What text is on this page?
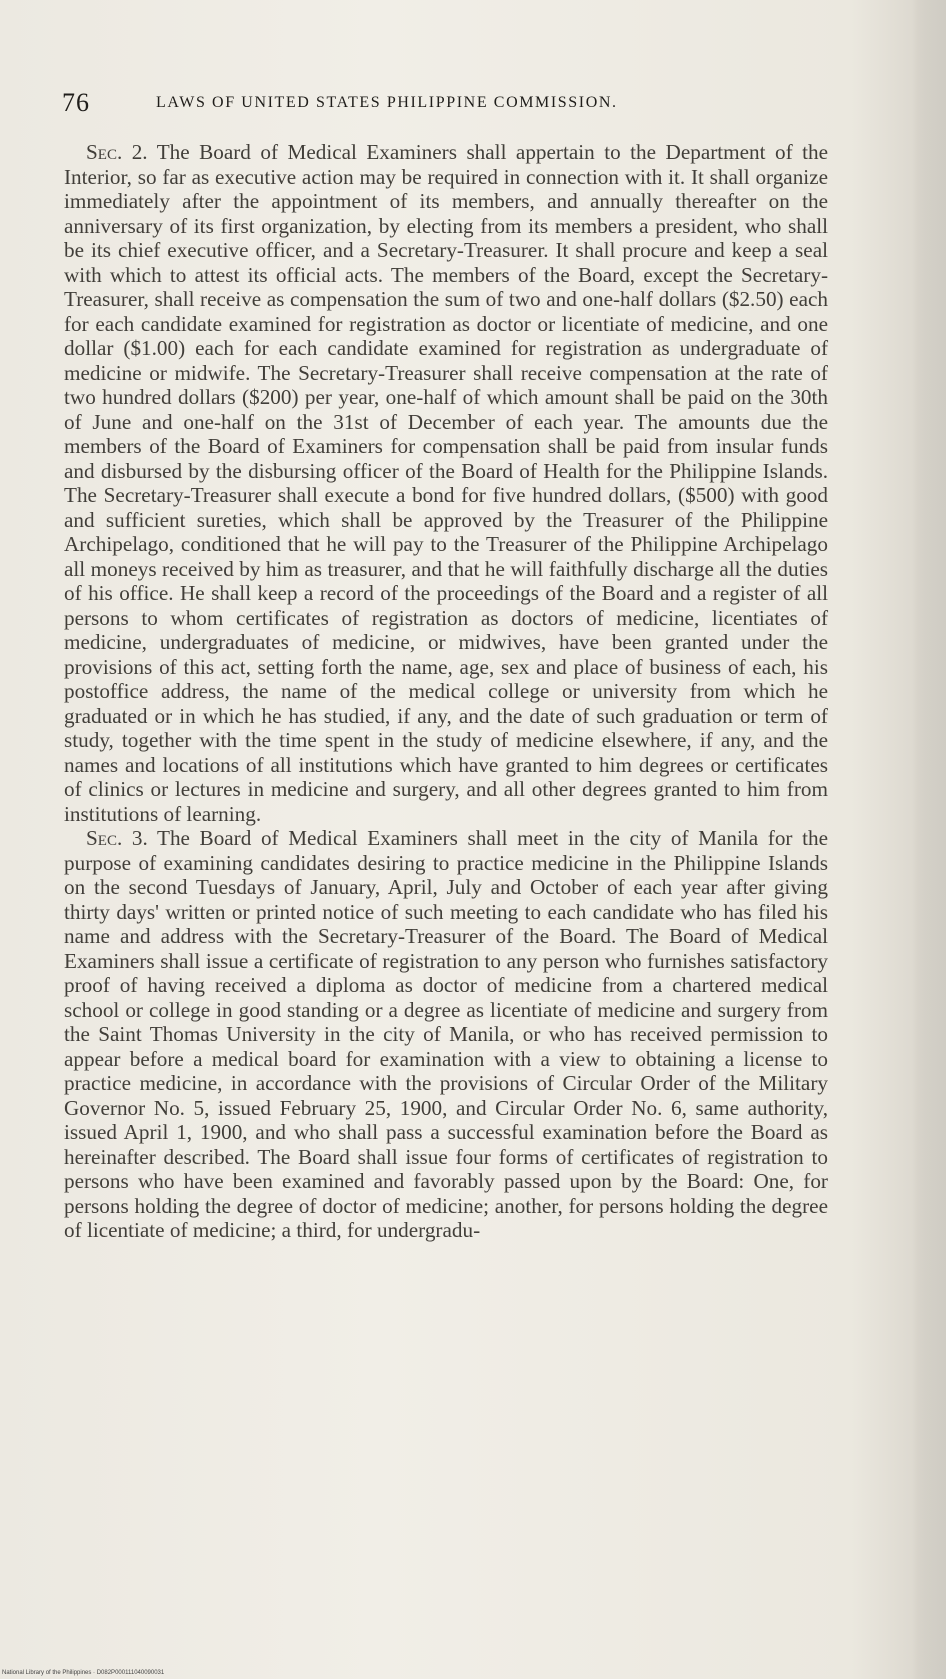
76	LAWS OF UNITED STATES PHILIPPINE COMMISSION.

Sec. 2. The Board of Medical Examiners shall appertain to the Department of the Interior, so far as executive action may be required in connection with it. It shall organize immediately after the appointment of its members, and annually thereafter on the anniversary of its first organization, by electing from its members a president, who shall be its chief executive officer, and a Secretary-Treasurer. It shall procure and keep a seal with which to attest its official acts. The members of the Board, except the Secretary-Treasurer, shall receive as compensation the sum of two and one-half dollars ($2.50) each for each candidate examined for registration as doctor or licentiate of medicine, and one dollar ($1.00) each for each candidate examined for registration as undergraduate of medicine or midwife. The Secretary-Treasurer shall receive compensation at the rate of two hundred dollars ($200) per year, one-half of which amount shall be paid on the 30th of June and one-half on the 31st of December of each year. The amounts due the members of the Board of Examiners for compensation shall be paid from insular funds and disbursed by the disbursing officer of the Board of Health for the Philippine Islands. The Secretary-Treasurer shall execute a bond for five hundred dollars, ($500) with good and sufficient sureties, which shall be approved by the Treasurer of the Philippine Archipelago, conditioned that he will pay to the Treasurer of the Philippine Archipelago all moneys received by him as treasurer, and that he will faithfully discharge all the duties of his office. He shall keep a record of the proceedings of the Board and a register of all persons to whom certificates of registration as doctors of medicine, licentiates of medicine, undergraduates of medicine, or midwives, have been granted under the provisions of this act, setting forth the name, age, sex and place of business of each, his postoffice address, the name of the medical college or university from which he graduated or in which he has studied, if any, and the date of such graduation or term of study, together with the time spent in the study of medicine elsewhere, if any, and the names and locations of all institutions which have granted to him degrees or certificates of clinics or lectures in medicine and surgery, and all other degrees granted to him from institutions of learning.

Sec. 3. The Board of Medical Examiners shall meet in the city of Manila for the purpose of examining candidates desiring to practice medicine in the Philippine Islands on the second Tuesdays of January, April, July and October of each year after giving thirty days' written or printed notice of such meeting to each candidate who has filed his name and address with the Secretary-Treasurer of the Board. The Board of Medical Examiners shall issue a certificate of registration to any person who furnishes satisfactory proof of having received a diploma as doctor of medicine from a chartered medical school or college in good standing or a degree as licentiate of medicine and surgery from the Saint Thomas University in the city of Manila, or who has received permission to appear before a medical board for examination with a view to obtaining a license to practice medicine, in accordance with the provisions of Circular Order of the Military Governor No. 5, issued February 25, 1900, and Circular Order No. 6, same authority, issued April 1, 1900, and who shall pass a successful examination before the Board as hereinafter described. The Board shall issue four forms of certificates of registration to persons who have been examined and favorably passed upon by the Board: One, for persons holding the degree of doctor of medicine; another, for persons holding the degree of licentiate of medicine; a third, for undergradu-

National Library of the Philippines · D082P000111040090031
